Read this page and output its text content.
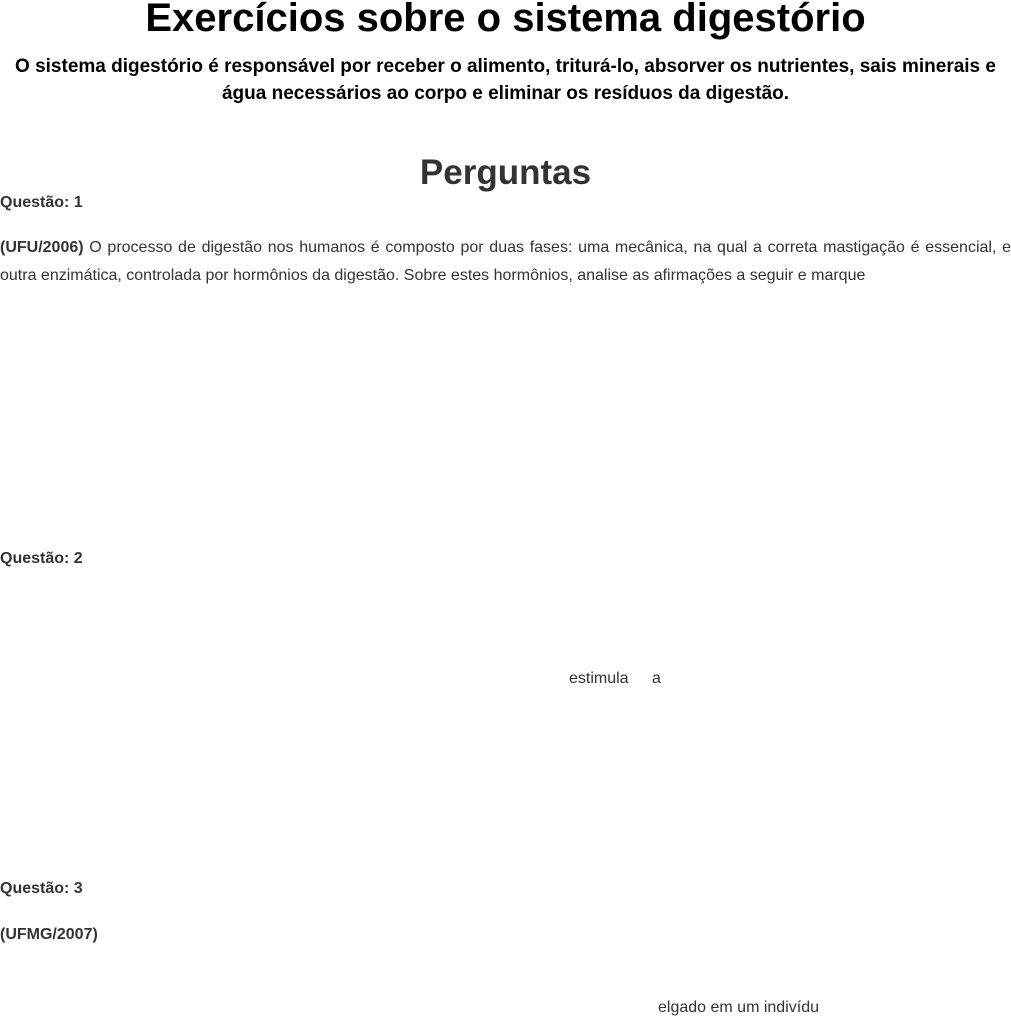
Exercícios sobre o sistema digestório
O sistema digestório é responsável por receber o alimento, triturá-lo, absorver os nutrientes, sais minerais e água necessários ao corpo e eliminar os resíduos da digestão.
Perguntas
Questão: 1

(UFU/2006) O processo de digestão nos humanos é composto por duas fases: uma mecânica, na qual a correta mastigação é essencial, e outra enzimática, controlada por hormônios da digestão. Sobre estes hormônios, analise as afirmações a seguir e marque

Questão: 2
estimula a
Questão: 3
(UFMG/2007)
elgado em um indivídu
